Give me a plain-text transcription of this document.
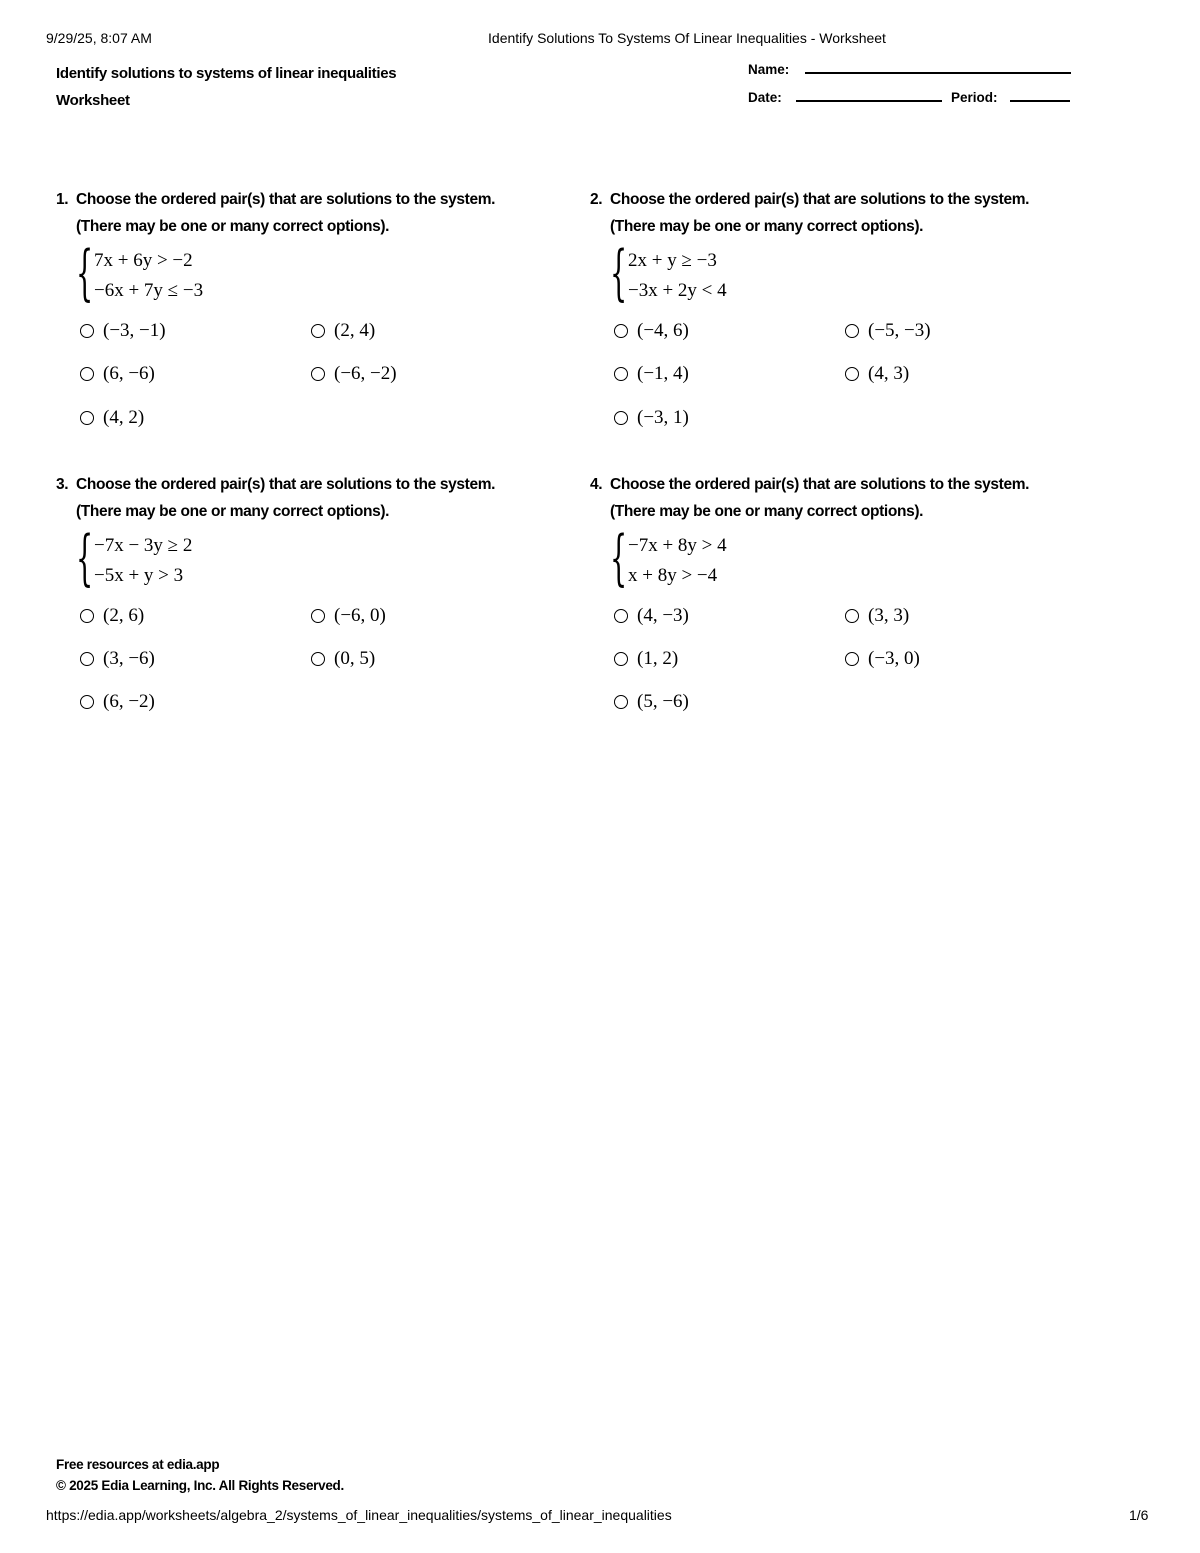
9/29/25, 8:07 AM	Identify Solutions To Systems Of Linear Inequalities - Worksheet
Identify solutions to systems of linear inequalities
Worksheet
Name:
Date:	Period:
1. Choose the ordered pair(s) that are solutions to the system. (There may be one or many correct options).
{ 7x + 6y > −2
−6x + 7y ≤ −3
(−3, −1)	(2, 4)
(6, −6)	(−6, −2)
(4, 2)
2. Choose the ordered pair(s) that are solutions to the system. (There may be one or many correct options).
{ 2x + y ≥ −3
−3x + 2y < 4
(−4, 6)	(−5, −3)
(−1, 4)	(4, 3)
(−3, 1)
3. Choose the ordered pair(s) that are solutions to the system. (There may be one or many correct options).
{ −7x − 3y ≥ 2
−5x + y > 3
(2, 6)	(−6, 0)
(3, −6)	(0, 5)
(6, −2)
4. Choose the ordered pair(s) that are solutions to the system. (There may be one or many correct options).
{ −7x + 8y > 4
x + 8y > −4
(4, −3)	(3, 3)
(1, 2)	(−3, 0)
(5, −6)
Free resources at edia.app
© 2025 Edia Learning, Inc. All Rights Reserved.
https://edia.app/worksheets/algebra_2/systems_of_linear_inequalities/systems_of_linear_inequalities	1/6
